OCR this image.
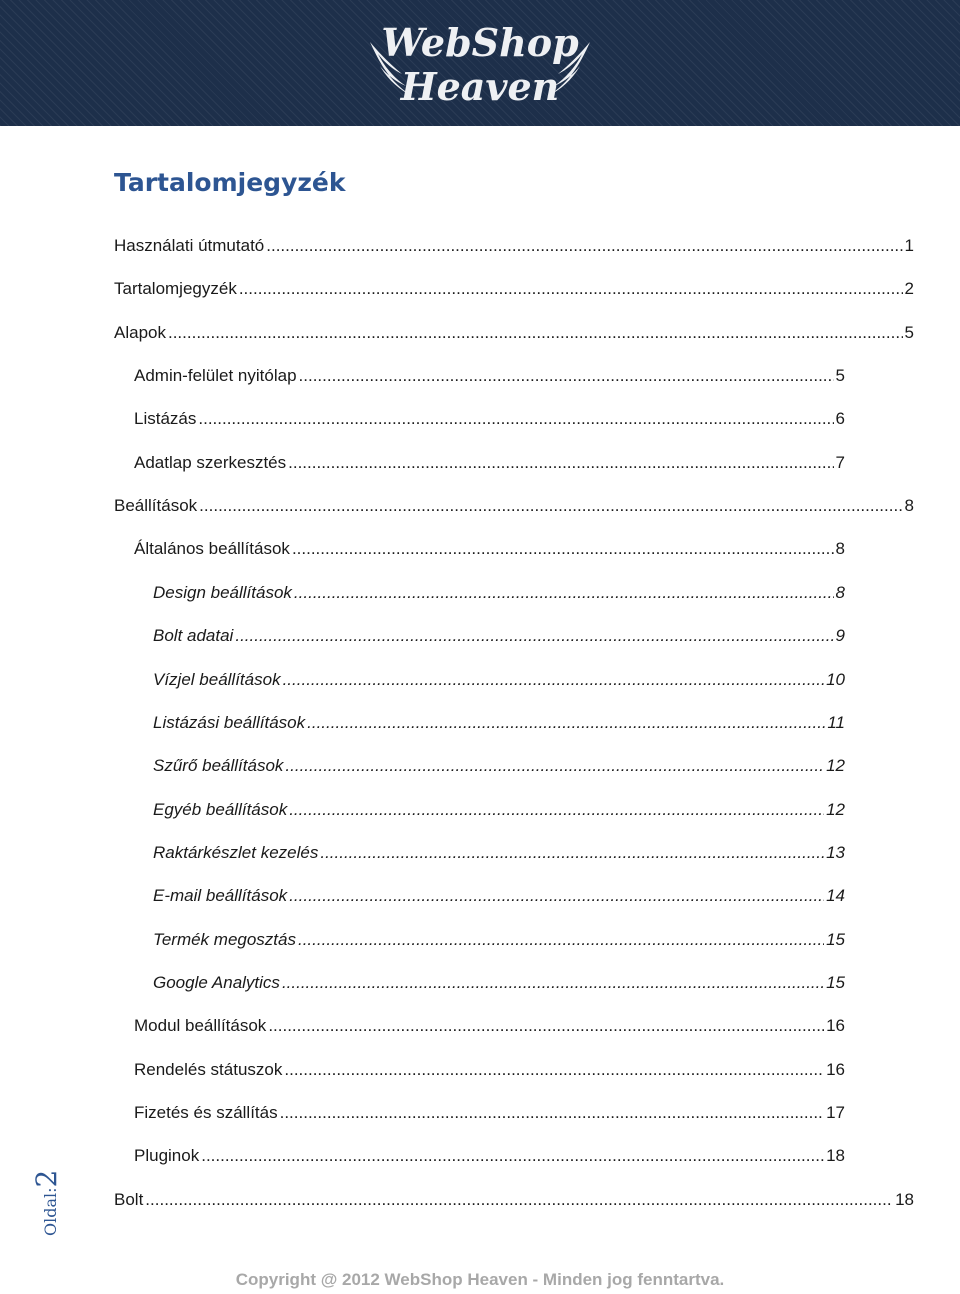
WebShop
Heaven
Tartalomjegyzék
Használati útmutató .....	1
Tartalomjegyzék .....	2
Alapok .....	5
Admin-felület nyitólap .....	5
Listázás .....	6
Adatlap szerkesztés .....	7
Beállítások .....	8
Általános beállítások .....	8
Design beállítások .....	8
Bolt adatai .....	9
Vízjel beállítások .....	10
Listázási beállítások .....	11
Szűrő beállítások .....	12
Egyéb beállítások .....	12
Raktárkészlet kezelés .....	13
E-mail beállítások .....	14
Termék megosztás .....	15
Google Analytics .....	15
Modul beállítások .....	16
Rendelés státuszok .....	16
Fizetés és szállítás .....	17
Pluginok .....	18
Bolt .....	18
Oldal:2
Copyright @ 2012 WebShop Heaven - Minden jog fenntartva.
